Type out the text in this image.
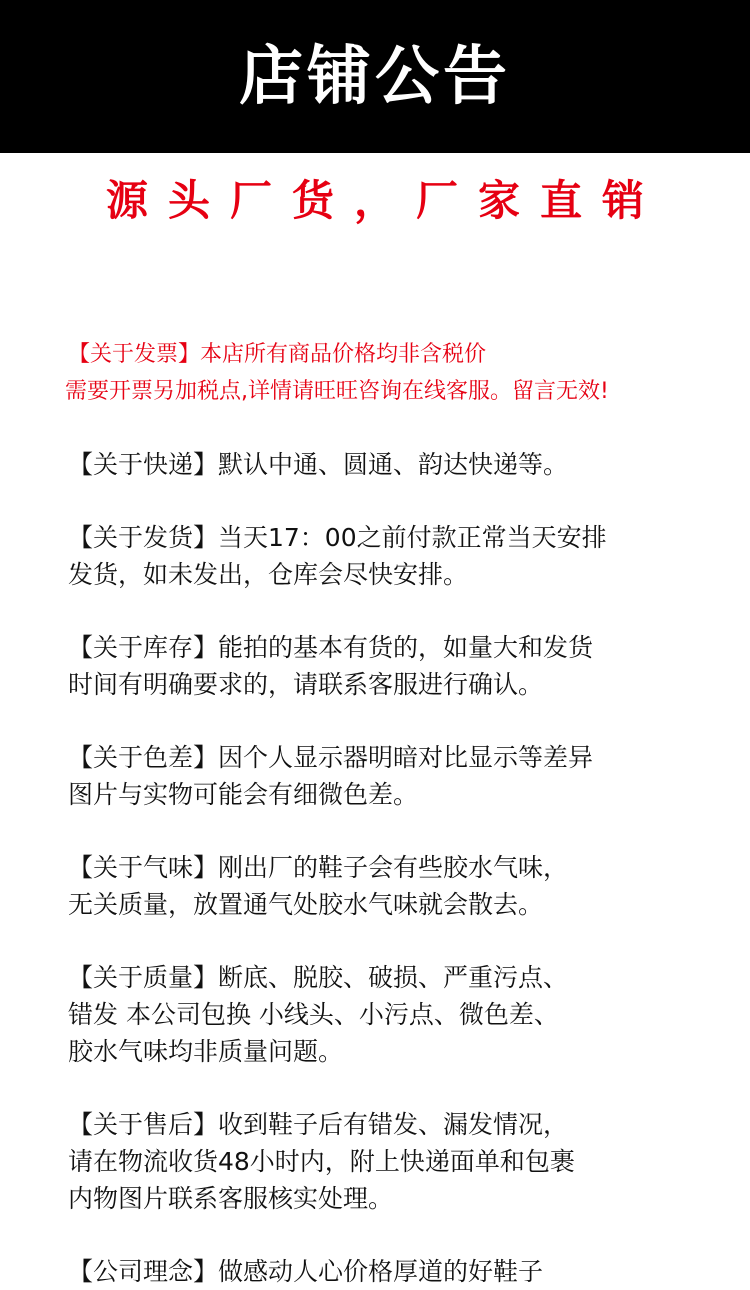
店铺公告
源头厂货，厂家直销

【关于发票】本店所有商品价格均非含税价
需要开票另加税点,详情请旺旺咨询在线客服。留言无效!

【关于快递】默认中通、圆通、韵达快递等。

【关于发货】当天17：00之前付款正常当天安排
发货，如未发出，仓库会尽快安排。

【关于库存】能拍的基本有货的，如量大和发货
时间有明确要求的，请联系客服进行确认。

【关于色差】因个人显示器明暗对比显示等差异
图片与实物可能会有细微色差。

【关于气味】刚出厂的鞋子会有些胶水气味，
无关质量，放置通气处胶水气味就会散去。

【关于质量】断底、脱胶、破损、严重污点、
错发 本公司包换 小线头、小污点、微色差、
胶水气味均非质量问题。

【关于售后】收到鞋子后有错发、漏发情况，
请在物流收货48小时内，附上快递面单和包裹
内物图片联系客服核实处理。

【公司理念】做感动人心价格厚道的好鞋子
